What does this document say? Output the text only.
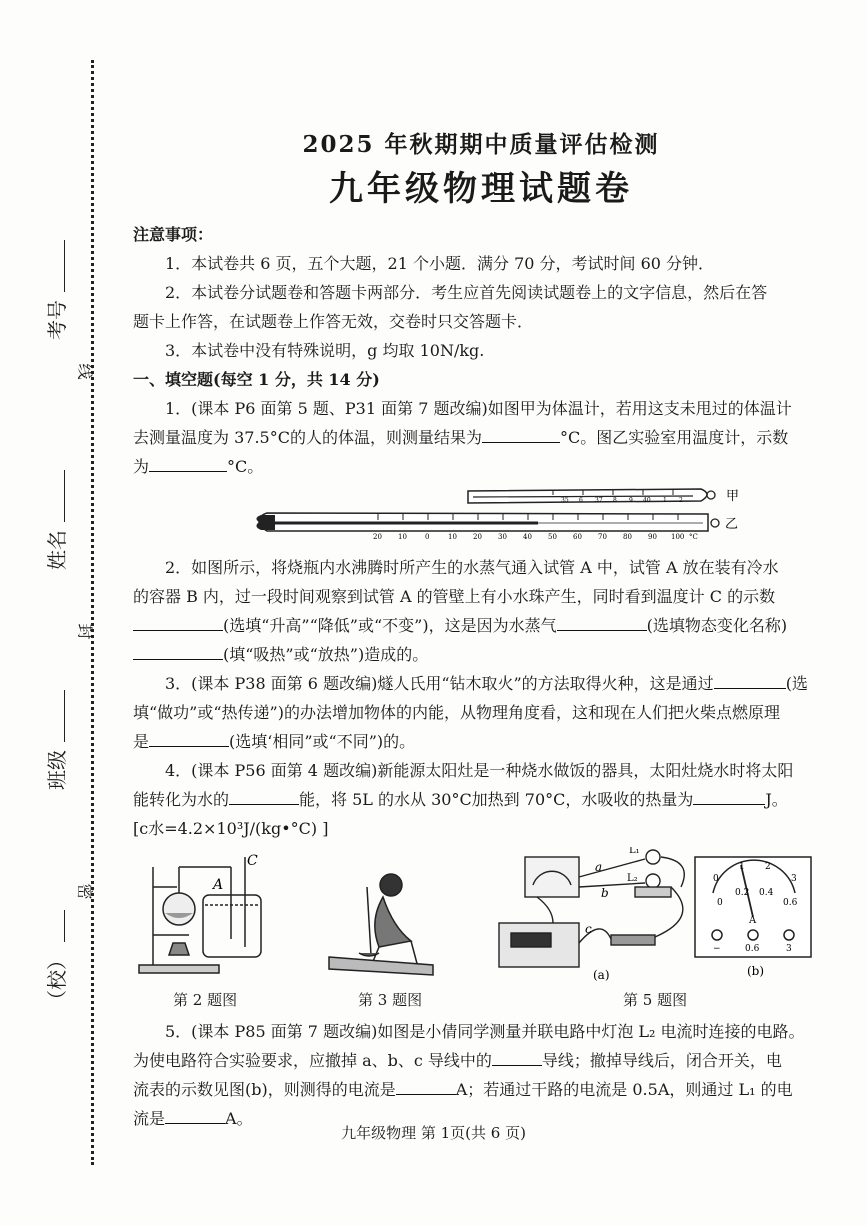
考号
姓名
班级
（校）
线
封
密
2025 年秋期期中质量评估检测
九年级物理试题卷

注意事项：

1．本试卷共 6 页，五个大题，21 个小题．满分 70 分，考试时间 60 分钟．

2．本试卷分试题卷和答题卡两部分．考生应首先阅读试题卷上的文字信息，然后在答

题卡上作答，在试题卷上作答无效，交卷时只交答题卡．

3．本试卷中没有特殊说明，g 均取 10N/kg.

一、填空题(每空 1 分，共 14 分)

1．(课本 P6 面第 5 题、P31 面第 7 题改编)如图甲为体温计，若用这支未甩过的体温计

去测量温度为 37.5°C的人的体温，则测量结果为	°C。图乙实验室用温度计，示数

为	°C。

35 6 37 8 9 40 1 2	甲
20 10	0	10 20 30 40 50 60 70 80 90 100 °C
乙

2．如图所示，将烧瓶内水沸腾时所产生的水蒸气通入试管 A 中，试管 A 放在装有冷水

的容器 B 内，过一段时间观察到试管 A 的管壁上有小水珠产生，同时看到温度计 C 的示数

(选填“升高”“降低”或“不变”)，这是因为水蒸气	(选填物态变化名称)

(填“吸热”或“放热”)造成的。

3．(课本 P38 面第 6 题改编)燧人氏用“钻木取火”的方法取得火种，这是通过	(选

填“做功”或“热传递”)的办法增加物体的内能，从物理角度看，这和现在人们把火柴点燃原理

是	(选填‘相同”或“不同”)的。

4．(课本 P56 面第 4 题改编)新能源太阳灶是一种烧水做饭的器具，太阳灶烧水时将太阳

能转化为水的	能，将 5L 的水从 30°C加热到 70°C，水吸收的热量为	J。

[c水=4.2×10³J/(kg•°C) ]

A
C	a
b
c
L₁
L₂
(a)
0
1 2
3
0
0.2 0.4
0.6
A
−	0.6	3
(b)
第 2 题图	第 3 题图	第 5 题图

5．(课本 P85 面第 7 题改编)如图是小倩同学测量并联电路中灯泡 L₂ 电流时连接的电路。

为使电路符合实验要求，应撤掉 a、b、c 导线中的	导线；撤掉导线后，闭合开关，电

流表的示数见图(b)，则测得的电流是	A；若通过干路的电流是 0.5A，则通过 L₁ 的电

流是	A。

九年级物理 第 1页(共 6 页)
